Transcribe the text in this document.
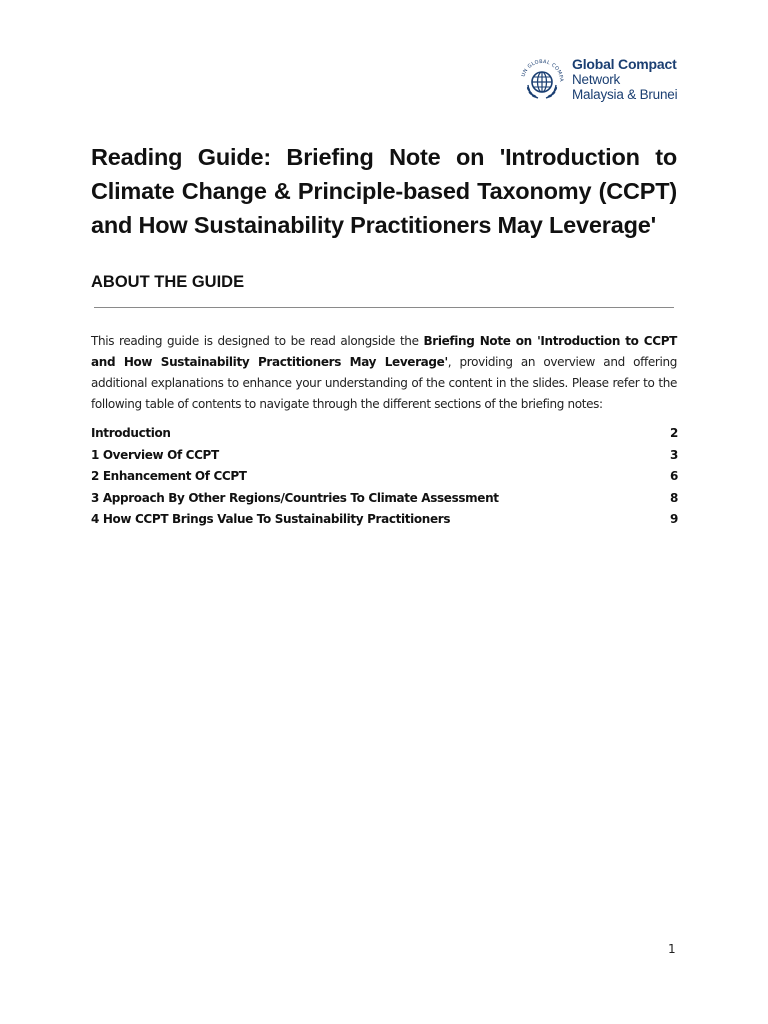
UN GLOBAL COMPA
Global Compact
Network
Malaysia & Brunei
Reading Guide: Briefing Note on 'Introduction to Climate Change & Principle-based Taxonomy (CCPT) and How Sustainability Practitioners May Leverage'
ABOUT THE GUIDE

This reading guide is designed to be read alongside the Briefing Note on 'Introduction to CCPT and How Sustainability Practitioners May Leverage', providing an overview and offering additional explanations to enhance your understanding of the content in the slides. Please refer to the following table of contents to navigate through the different sections of the briefing notes:

Introduction	2
1 Overview Of CCPT	3
2 Enhancement Of CCPT	6
3 Approach By Other Regions/Countries To Climate Assessment	8
4 How CCPT Brings Value To Sustainability Practitioners	9
1
